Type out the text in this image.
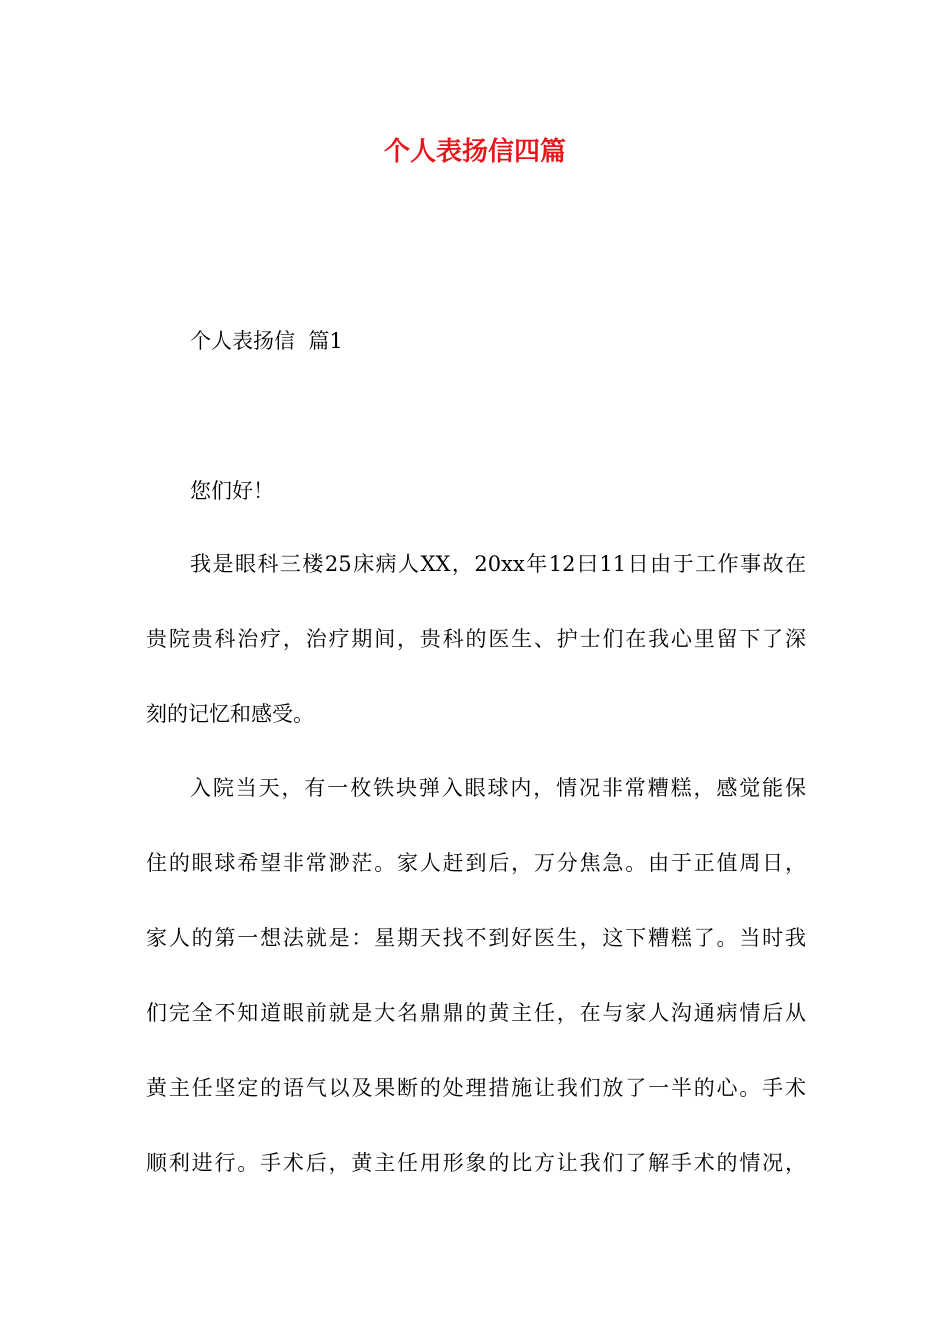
个人表扬信四篇
个人表扬信  篇1
您们好！
我是眼科三楼25床病人XX，20xx年12曰11日由于工作事故在
贵院贵科治疗，治疗期间，贵科的医生、护士们在我心里留下了深
刻的记忆和感受。
入院当天，有一枚铁块弹入眼球内，情况非常糟糕，感觉能保
住的眼球希望非常渺茫。家人赶到后，万分焦急。由于正值周日，
家人的第一想法就是：星期天找不到好医生，这下糟糕了。当时我
们完全不知道眼前就是大名鼎鼎的黄主任，在与家人沟通病情后从
黄主任坚定的语气以及果断的处理措施让我们放了一半的心。手术
顺利进行。手术后，黄主任用形象的比方让我们了解手术的情况，
